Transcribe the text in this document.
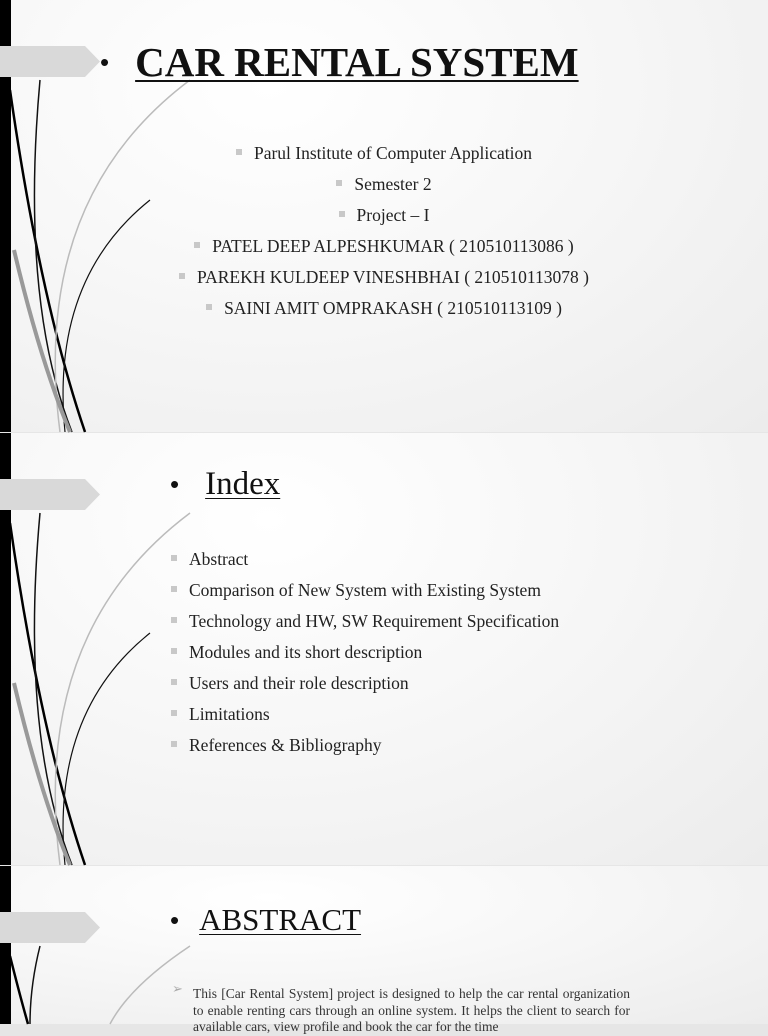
• CAR RENTAL SYSTEM
Parul Institute of Computer Application
Semester 2
Project – I
PATEL DEEP ALPESHKUMAR ( 210510113086 )
PAREKH KULDEEP VINESHBHAI ( 210510113078 )
SAINI AMIT OMPRAKASH ( 210510113109 )
• Index
Abstract
Comparison of New System with Existing System
Technology and HW, SW Requirement Specification
Modules and its short description
Users and their role description
Limitations
References & Bibliography
• ABSTRACT
➢ This [Car Rental System] project is designed to help the car rental organization to enable renting cars through an online system. It helps the client to search for available cars, view profile and book the car for the time
